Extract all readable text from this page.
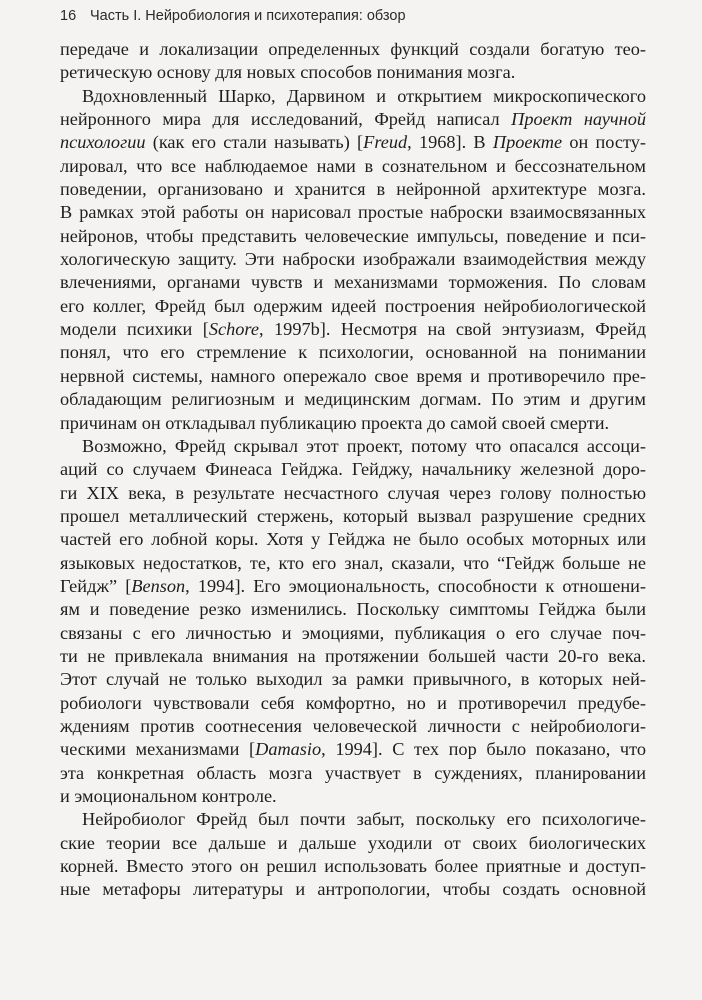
16 Часть I. Нейробиология и психотерапия: обзор
передаче и локализации определенных функций создали богатую тео-
ретическую основу для новых способов понимания мозга.
Вдохновленный Шарко, Дарвином и открытием микроскопического
нейронного мира для исследований, Фрейд написал Проект научной
психологии (как его стали называть) [Freud, 1968]. В Проекте он посту-
лировал, что все наблюдаемое нами в сознательном и бессознательном
поведении, организовано и хранится в нейронной архитектуре мозга.
В рамках этой работы он нарисовал простые наброски взаимосвязанных
нейронов, чтобы представить человеческие импульсы, поведение и пси-
хологическую защиту. Эти наброски изображали взаимодействия между
влечениями, органами чувств и механизмами торможения. По словам
его коллег, Фрейд был одержим идеей построения нейробиологической
модели психики [Schore, 1997b]. Несмотря на свой энтузиазм, Фрейд
понял, что его стремление к психологии, основанной на понимании
нервной системы, намного опережало свое время и противоречило пре-
обладающим религиозным и медицинским догмам. По этим и другим
причинам он откладывал публикацию проекта до самой своей смерти.
Возможно, Фрейд скрывал этот проект, потому что опасался ассоци-
аций со случаем Финеаса Гейджа. Гейджу, начальнику железной доро-
ги XIX века, в результате несчастного случая через голову полностью
прошел металлический стержень, который вызвал разрушение средних
частей его лобной коры. Хотя у Гейджа не было особых моторных или
языковых недостатков, те, кто его знал, сказали, что “Гейдж больше не
Гейдж” [Benson, 1994]. Его эмоциональность, способности к отношени-
ям и поведение резко изменились. Поскольку симптомы Гейджа были
связаны с его личностью и эмоциями, публикация о его случае поч-
ти не привлекала внимания на протяжении большей части 20-го века.
Этот случай не только выходил за рамки привычного, в которых ней-
робиологи чувствовали себя комфортно, но и противоречил предубе-
ждениям против соотнесения человеческой личности с нейробиологи-
ческими механизмами [Damasio, 1994]. С тех пор было показано, что
эта конкретная область мозга участвует в суждениях, планировании
и эмоциональном контроле.
Нейробиолог Фрейд был почти забыт, поскольку его психологиче-
ские теории все дальше и дальше уходили от своих биологических
корней. Вместо этого он решил использовать более приятные и доступ-
ные метафоры литературы и антропологии, чтобы создать основной
